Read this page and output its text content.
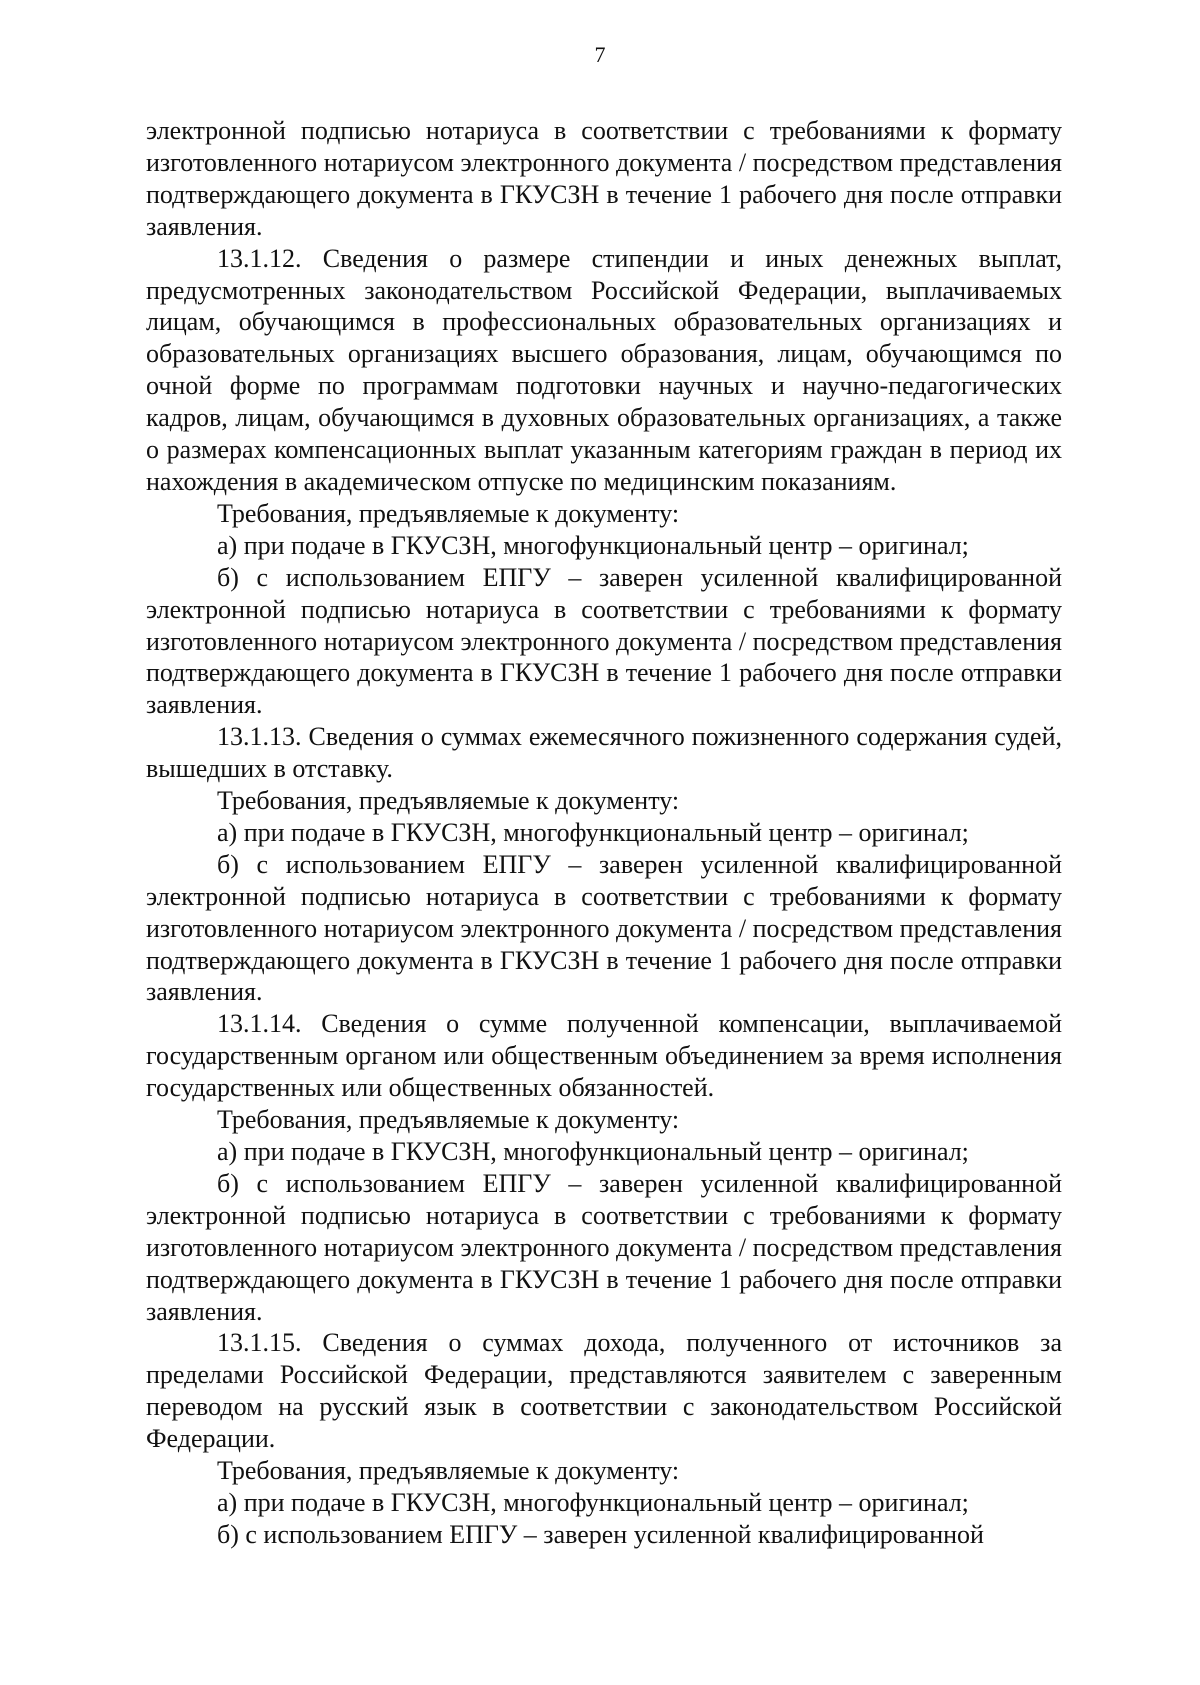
7

электронной подписью нотариуса в соответствии с требованиями к формату изготовленного нотариусом электронного документа / посредством представления подтверждающего документа в ГКУСЗН в течение 1 рабочего дня после отправки заявления.

13.1.12. Сведения о размере стипендии и иных денежных выплат, предусмотренных законодательством Российской Федерации, выплачиваемых лицам, обучающимся в профессиональных образовательных организациях и образовательных организациях высшего образования, лицам, обучающимся по очной форме по программам подготовки научных и научно-педагогических кадров, лицам, обучающимся в духовных образовательных организациях, а также о размерах компенсационных выплат указанным категориям граждан в период их нахождения в академическом отпуске по медицинским показаниям.

Требования, предъявляемые к документу:

а) при подаче в ГКУСЗН, многофункциональный центр – оригинал;

б) с использованием ЕПГУ – заверен усиленной квалифицированной электронной подписью нотариуса в соответствии с требованиями к формату изготовленного нотариусом электронного документа / посредством представления подтверждающего документа в ГКУСЗН в течение 1 рабочего дня после отправки заявления.

13.1.13. Сведения о суммах ежемесячного пожизненного содержания судей, вышедших в отставку.

Требования, предъявляемые к документу:

а) при подаче в ГКУСЗН, многофункциональный центр – оригинал;

б) с использованием ЕПГУ – заверен усиленной квалифицированной электронной подписью нотариуса в соответствии с требованиями к формату изготовленного нотариусом электронного документа / посредством представления подтверждающего документа в ГКУСЗН в течение 1 рабочего дня после отправки заявления.

13.1.14. Сведения о сумме полученной компенсации, выплачиваемой государственным органом или общественным объединением за время исполнения государственных или общественных обязанностей.

Требования, предъявляемые к документу:

а) при подаче в ГКУСЗН, многофункциональный центр – оригинал;

б) с использованием ЕПГУ – заверен усиленной квалифицированной электронной подписью нотариуса в соответствии с требованиями к формату изготовленного нотариусом электронного документа / посредством представления подтверждающего документа в ГКУСЗН в течение 1 рабочего дня после отправки заявления.

13.1.15. Сведения о суммах дохода, полученного от источников за пределами Российской Федерации, представляются заявителем с заверенным переводом на русский язык в соответствии с законодательством Российской Федерации.

Требования, предъявляемые к документу:

а) при подаче в ГКУСЗН, многофункциональный центр – оригинал;

б) с использованием ЕПГУ – заверен усиленной квалифицированной
